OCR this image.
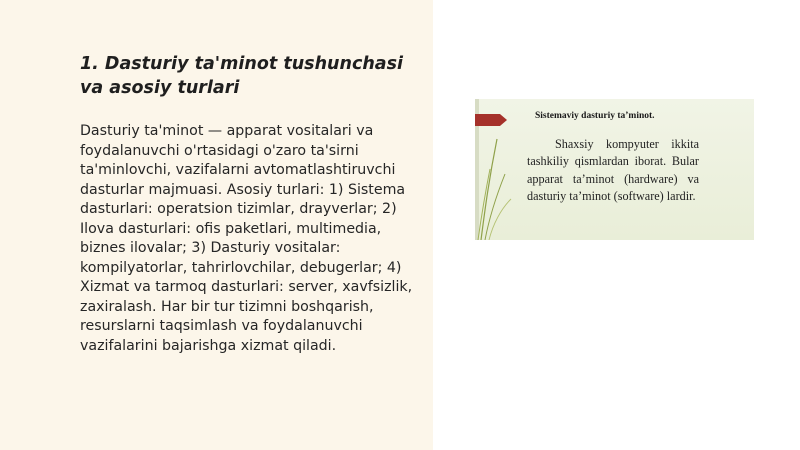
1. Dasturiy ta'minot tushunchasi va asosiy turlari

Dasturiy ta'minot — apparat vositalari va foydalanuvchi o'rtasidagi o'zaro ta'sirni ta'minlovchi, vazifalarni avtomatlashtiruvchi dasturlar majmuasi. Asosiy turlari: 1) Sistema dasturlari: operatsion tizimlar, drayverlar; 2) Ilova dasturlari: ofis paketlari, multimedia, biznes ilovalar; 3) Dasturiy vositalar: kompilyatorlar, tahrirlovchilar, debugerlar; 4) Xizmat va tarmoq dasturlari: server, xavfsizlik, zaxiralash. Har bir tur tizimni boshqarish, resurslarni taqsimlash va foydalanuvchi vazifalarini bajarishga xizmat qiladi.

Sistemaviy dasturiy ta’minot.

Shaxsiy kompyuter ikkita tashkiliy qismlardan iborat. Bular apparat ta’minot (hardware) va dasturiy ta’minot (software) lardir.
